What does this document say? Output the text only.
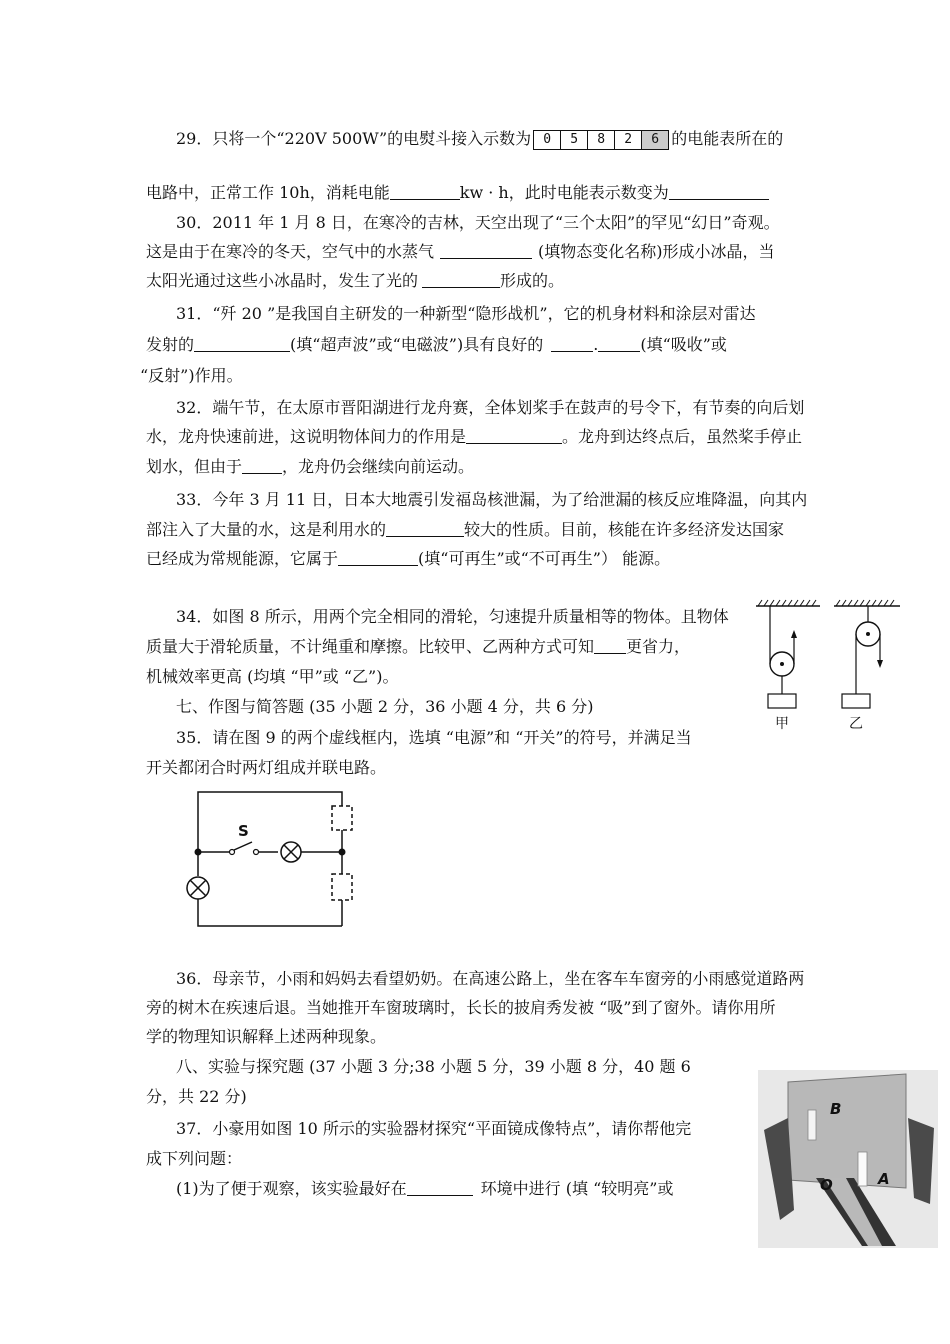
29．只将一个“220V 500W”的电熨斗接入示数为 0	5	8	2	6 的电能表所在的
电路中，正常工作 10h，消耗电能	kw · h，此时电能表示数变为
30．2011 年 1 月 8 日，在寒冷的吉林，天空出现了“三个太阳”的罕见“幻日”奇观。
这是由于在寒冷的冬天，空气中的水蒸气	(填物态变化名称)形成小冰晶，当
太阳光通过这些小冰晶时，发生了光的	形成的。
31．“歼 20 ”是我国自主研发的一种新型“隐形战机”，它的机身材料和涂层对雷达
发射的	(填“超声波”或“电磁波”)具有良好的	.	(填“吸收”或
“反射”)作用。
32．端午节，在太原市晋阳湖进行龙舟赛，全体划桨手在鼓声的号令下，有节奏的向后划
水，龙舟快速前进，这说明物体间力的作用是	。龙舟到达终点后，虽然桨手停止
划水，但由于	，龙舟仍会继续向前运动。
33．今年 3 月 11 日，日本大地震引发福岛核泄漏，为了给泄漏的核反应堆降温，向其内
部注入了大量的水，这是利用水的	较大的性质。目前，核能在许多经济发达国家
已经成为常规能源，它属于	(填“可再生”或“不可再生”） 能源。
34．如图 8 所示，用两个完全相同的滑轮，匀速提升质量相等的物体。且物体
质量大于滑轮质量，不计绳重和摩擦。比较甲、乙两种方式可知 更省力，
机械效率更高 (均填 “甲”或 “乙”)。
甲	乙
七、作图与简答题 (35 小题 2 分，36 小题 4 分，共 6 分)
35．请在图 9 的两个虚线框内，选填 “电源”和 “开关”的符号，并满足当
开关都闭合时两灯组成并联电路。
S
36．母亲节，小雨和妈妈去看望奶奶。在高速公路上，坐在客车车窗旁的小雨感觉道路两
旁的树木在疾速后退。当她推开车窗玻璃时，长长的披肩秀发被 “吸”到了窗外。请你用所
学的物理知识解释上述两种现象。
八、实验与探究题 (37 小题 3 分;38 小题 5 分，39 小题 8 分，40 题 6
分，共 22 分)
37．小豪用如图 10 所示的实验器材探究“平面镜成像特点”，请你帮他完
成下列问题：
(1)为了便于观察，该实验最好在	环境中进行 (填 “较明亮”或
B
O	A
